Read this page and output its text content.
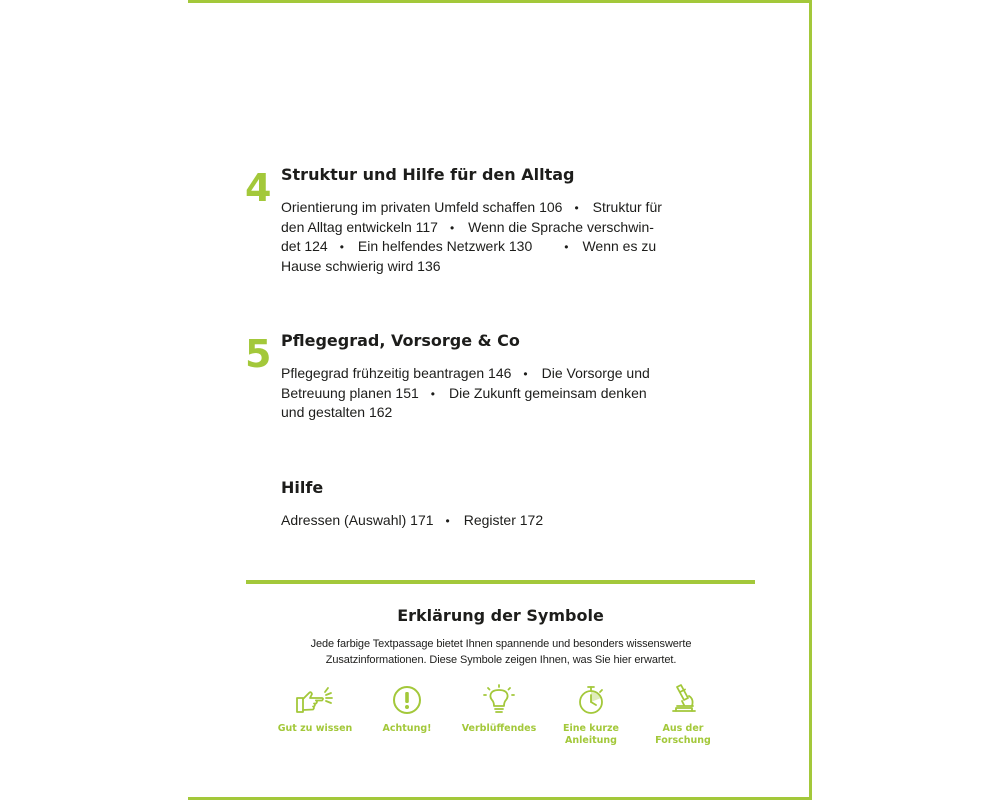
4 Struktur und Hilfe für den Alltag
Orientierung im privaten Umfeld schaffen 106 • Struktur für
den Alltag entwickeln 117 • Wenn die Sprache verschwin-
det 124 • Ein helfendes Netzwerk 130	• Wenn es zu
Hause schwierig wird 136
5 Pflegegrad, Vorsorge & Co
Pflegegrad frühzeitig beantragen 146 • Die Vorsorge und
Betreuung planen 151 • Die Zukunft gemeinsam denken
und gestalten 162
Hilfe
Adressen (Auswahl) 171 • Register 172
Erklärung der Symbole
Jede farbige Textpassage bietet Ihnen spannende und besonders wissenswerte
Zusatzinformationen. Diese Symbole zeigen Ihnen, was Sie hier erwartet.
Gut zu wissen	Achtung!	Verblüffendes	Eine kurze
Anleitung
Aus der
Forschung
